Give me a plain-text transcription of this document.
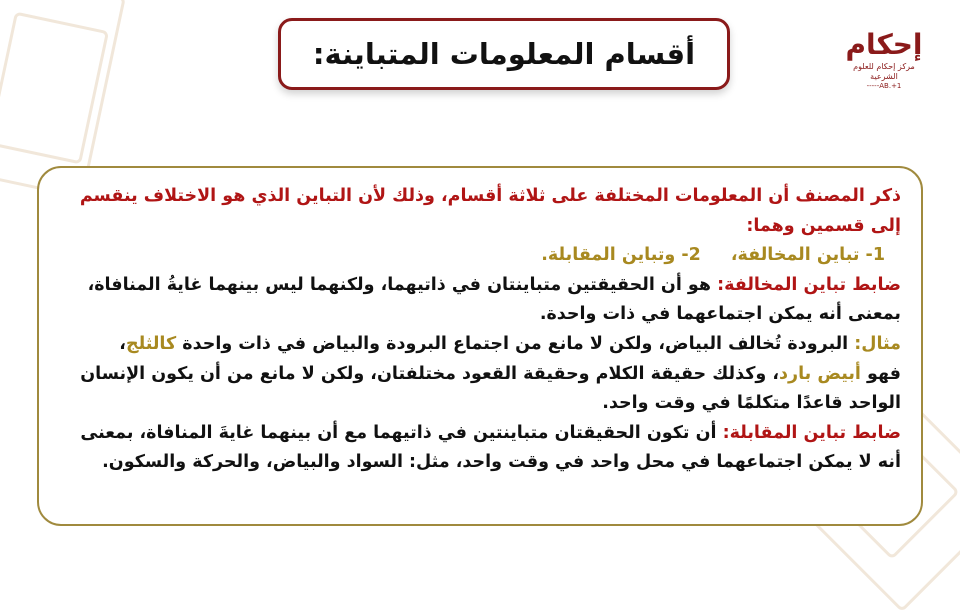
أقسام المعلومات المتباينة:	إحكام
مركز إحكام للعلوم الشرعية
AB.+1-----
ذكر المصنف أن المعلومات المختلفة على ثلاثة أقسام، وذلك لأن التباين الذي هو الاختلاف ينقسم
إلى قسمين وهما:
1- تباين المخالفة،2- وتباين المقابلة.
ضابط تباين المخالفة: هو أن الحقيقتين متباينتان في ذاتيهما، ولكنهما ليس بينهما غايةُ المنافاة،
بمعنى أنه يمكن اجتماعهما في ذات واحدة.
مثال: البرودة تُخالف البياض، ولكن لا مانع من اجتماع البرودة والبياض في ذات واحدة كالثلج،
فهو أبيض بارد، وكذلك حقيقة الكلام وحقيقة القعود مختلفتان، ولكن لا مانع من أن يكون الإنسان
الواحد قاعدًا متكلمًا في وقت واحد.
ضابط تباين المقابلة: أن تكون الحقيقتان متباينتين في ذاتيهما مع أن بينهما غايةَ المنافاة، بمعنى
أنه لا يمكن اجتماعهما في محل واحد في وقت واحد، مثل: السواد والبياض، والحركة والسكون.
